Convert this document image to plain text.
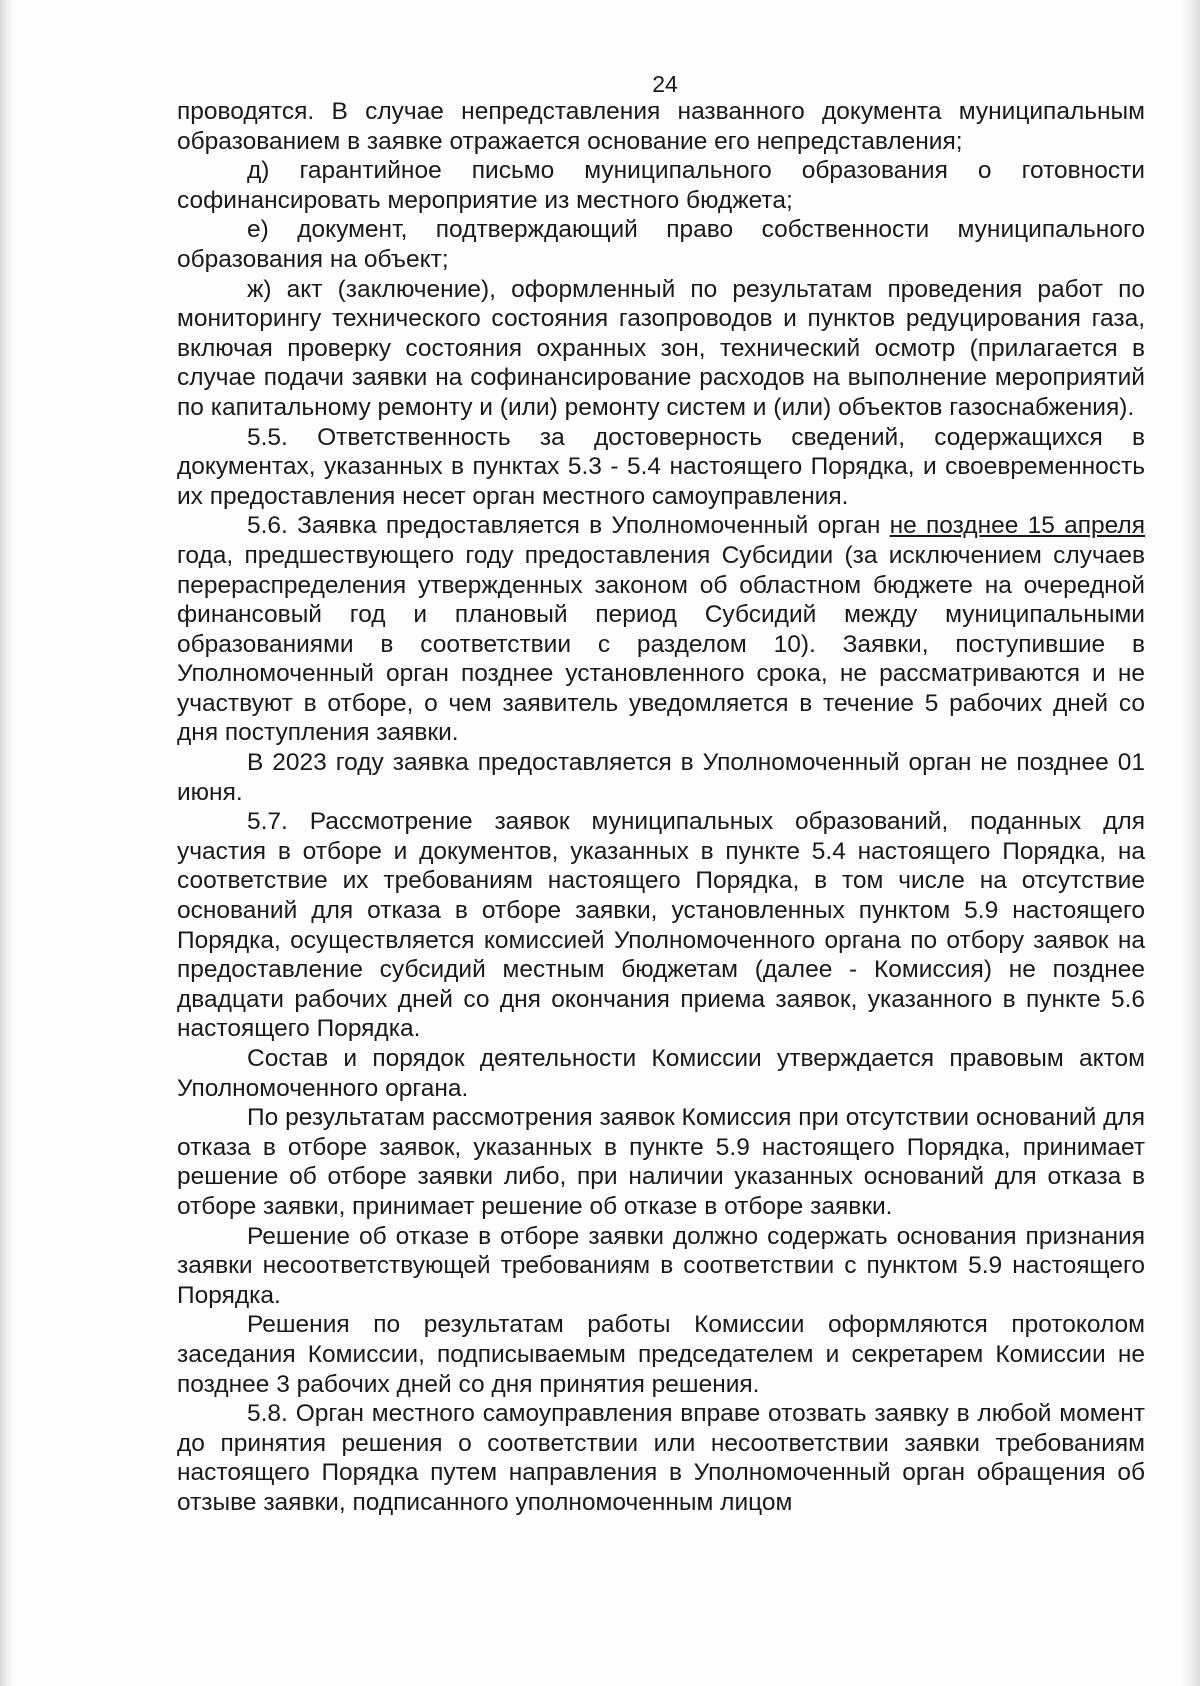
24

проводятся. В случае непредставления названного документа муниципальным образованием в заявке отражается основание его непредставления;

д) гарантийное письмо муниципального образования о готовности софинансировать мероприятие из местного бюджета;

е) документ, подтверждающий право собственности муниципального образования на объект;

ж) акт (заключение), оформленный по результатам проведения работ по мониторингу технического состояния газопроводов и пунктов редуцирования газа, включая проверку состояния охранных зон, технический осмотр (прилагается в случае подачи заявки на софинансирование расходов на выполнение мероприятий по капитальному ремонту и (или) ремонту систем и (или) объектов газоснабжения).

5.5. Ответственность за достоверность сведений, содержащихся в документах, указанных в пунктах 5.3 - 5.4 настоящего Порядка, и своевременность их предоставления несет орган местного самоуправления.

5.6. Заявка предоставляется в Уполномоченный орган не позднее 15 апреля года, предшествующего году предоставления Субсидии (за исключением случаев перераспределения утвержденных законом об областном бюджете на очередной финансовый год и плановый период Субсидий между муниципальными образованиями в соответствии с разделом 10). Заявки, поступившие в Уполномоченный орган позднее установленного срока, не рассматриваются и не участвуют в отборе, о чем заявитель уведомляется в течение 5 рабочих дней со дня поступления заявки.

В 2023 году заявка предоставляется в Уполномоченный орган не позднее 01 июня.

5.7. Рассмотрение заявок муниципальных образований, поданных для участия в отборе и документов, указанных в пункте 5.4 настоящего Порядка, на соответствие их требованиям настоящего Порядка, в том числе на отсутствие оснований для отказа в отборе заявки, установленных пунктом 5.9 настоящего Порядка, осуществляется комиссией Уполномоченного органа по отбору заявок на предоставление субсидий местным бюджетам (далее - Комиссия) не позднее двадцати рабочих дней со дня окончания приема заявок, указанного в пункте 5.6 настоящего Порядка.

Состав и порядок деятельности Комиссии утверждается правовым актом Уполномоченного органа.

По результатам рассмотрения заявок Комиссия при отсутствии оснований для отказа в отборе заявок, указанных в пункте 5.9 настоящего Порядка, принимает решение об отборе заявки либо, при наличии указанных оснований для отказа в отборе заявки, принимает решение об отказе в отборе заявки.

Решение об отказе в отборе заявки должно содержать основания признания заявки несоответствующей требованиям в соответствии с пунктом 5.9 настоящего Порядка.

Решения по результатам работы Комиссии оформляются протоколом заседания Комиссии, подписываемым председателем и секретарем Комиссии не позднее 3 рабочих дней со дня принятия решения.

5.8. Орган местного самоуправления вправе отозвать заявку в любой момент до принятия решения о соответствии или несоответствии заявки требованиям настоящего Порядка путем направления в Уполномоченный орган обращения об отзыве заявки, подписанного уполномоченным лицом
